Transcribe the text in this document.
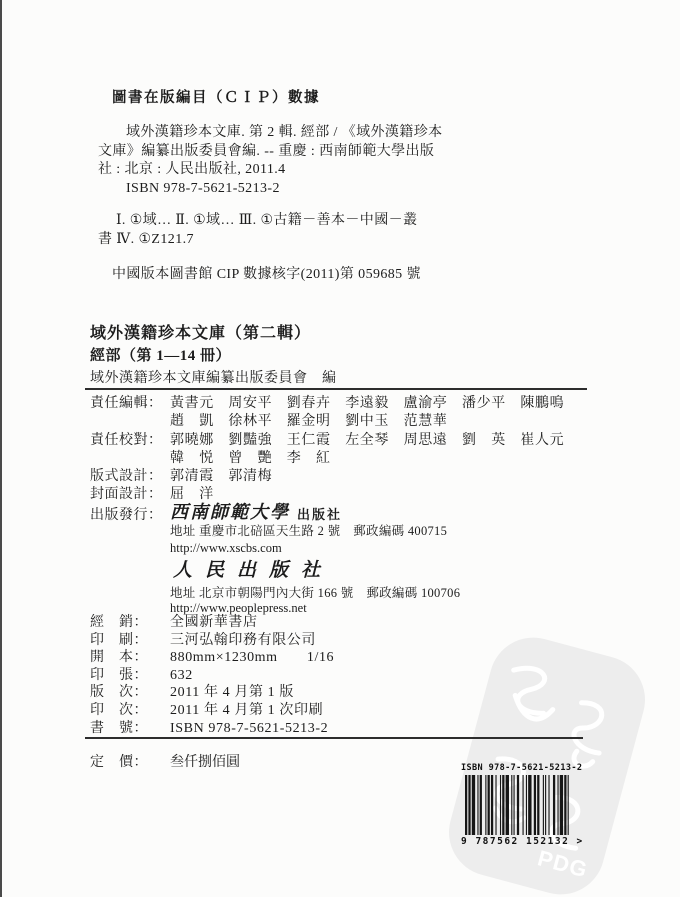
PDG
圖書在版編目（ＣＩＰ）數據
域外漢籍珍本文庫. 第 2 輯. 經部 / 《域外漢籍珍本
文庫》編纂出版委員會編. -- 重慶 : 西南師範大學出版
社 : 北京 : 人民出版社, 2011.4
ISBN 978-7-5621-5213-2
Ⅰ. ①域… Ⅱ. ①域… Ⅲ. ①古籍－善本－中國－叢
書 Ⅳ. ①Z121.7
中國版本圖書館 CIP 數據核字(2011)第 059685 號
域外漢籍珍本文庫（第二輯）
經部（第 1—14 冊）
域外漢籍珍本文庫編纂出版委員會　編
責任編輯： 黃書元　周安平　劉春卉　李遠毅　盧渝亭　潘少平　陳鵬鳴
趙　凱　徐林平　羅金明　劉中玉　范慧華
責任校對： 郭曉娜　劉豔強　王仁霞　左全琴　周思遠　劉　英　崔人元
韓　悦　曾　艷　李　紅
版式設計： 郭清霞　郭清梅
封面設計： 屈　洋
出版發行： 西南師範大學 出版社
地址 重慶市北碚區天生路 2 號　郵政編碼 400715
http://www.xscbs.com
人民出版社
地址 北京市朝陽門內大街 166 號　郵政編碼 100706
http://www.peoplepress.net
經　銷：	全國新華書店
印　刷：	三河弘翰印務有限公司
開　本：	880mm×1230mm　　1/16
印　張：	632
版　次：	2011 年 4 月第 1 版
印　次：	2011 年 4 月第 1 次印刷
書　號：	ISBN 978-7-5621-5213-2
定　價：	叁仟捌佰圓	ISBN 978-7-5621-5213-2
9 787562 152132 >
